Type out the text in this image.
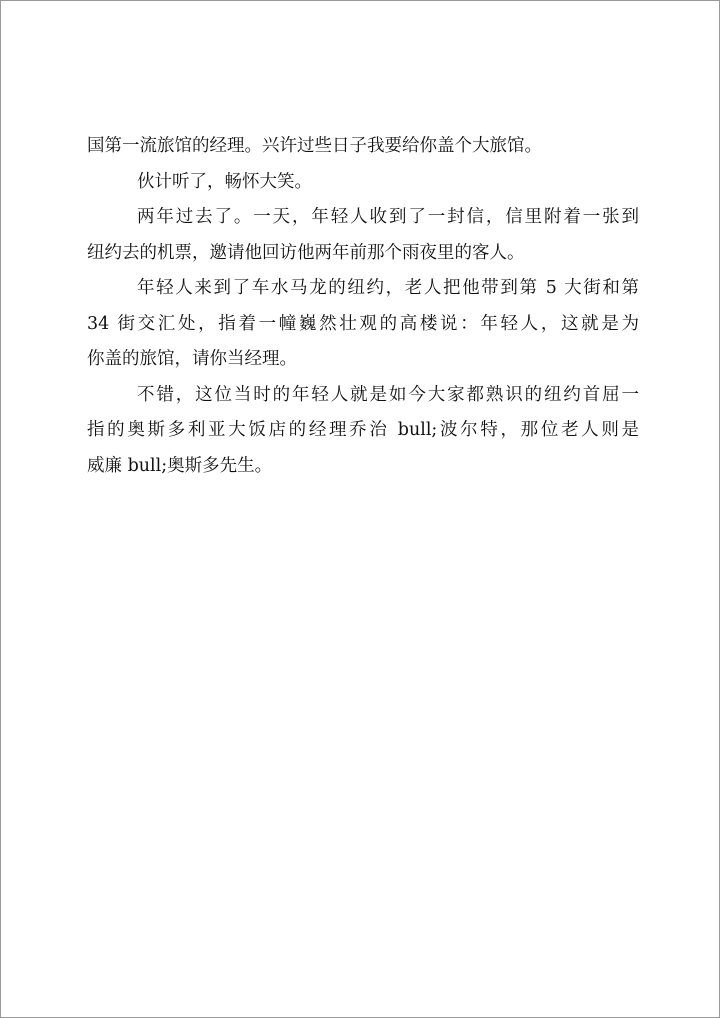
国第一流旅馆的经理。兴许过些日子我要给你盖个大旅馆。
伙计听了，畅怀大笑。
两年过去了。一天，年轻人收到了一封信，信里附着一张到
纽约去的机票，邀请他回访他两年前那个雨夜里的客人。
年轻人来到了车水马龙的纽约，老人把他带到第 5 大街和第
34 街交汇处，指着一幢巍然壮观的高楼说：年轻人，这就是为
你盖的旅馆，请你当经理。
不错，这位当时的年轻人就是如今大家都熟识的纽约首屈一
指的奥斯多利亚大饭店的经理乔治 bull;波尔特，那位老人则是
威廉 bull;奥斯多先生。
